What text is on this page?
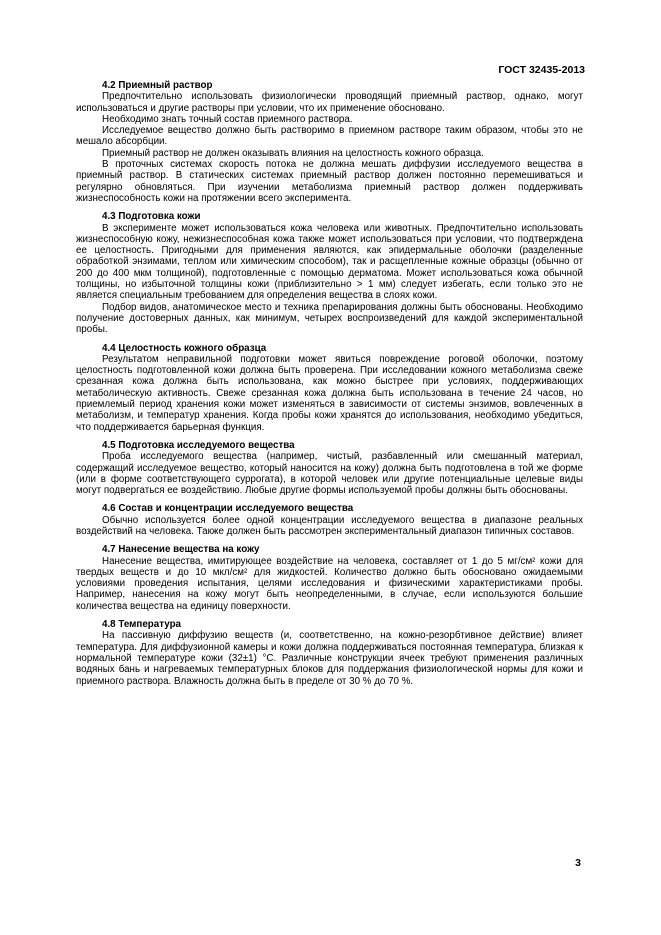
ГОСТ 32435-2013

4.2 Приемный раствор

Предпочтительно использовать физиологически проводящий приемный раствор, однако, могут использоваться и другие растворы при условии, что их применение обосновано.

Необходимо знать точный состав приемного раствора.

Исследуемое вещество должно быть растворимо в приемном растворе таким образом, чтобы это не мешало абсорбции.

Приемный раствор не должен оказывать влияния на целостность кожного образца.

В проточных системах скорость потока не должна мешать диффузии исследуемого вещества в приемный раствор. В статических системах приемный раствор должен постоянно перемешиваться и регулярно обновляться. При изучении метаболизма приемный раствор должен поддерживать жизнеспособность кожи на протяжении всего эксперимента.

4.3 Подготовка кожи

В эксперименте может использоваться кожа человека или животных. Предпочтительно использовать жизнеспособную кожу, нежизнеспособная кожа также может использоваться при условии, что подтверждена ее целостность. Пригодными для применения являются, как эпидермальные оболочки (разделенные обработкой энзимами, теплом или химическим способом), так и расщепленные кожные образцы (обычно от 200 до 400 мкм толщиной), подготовленные с помощью дерматома. Может использоваться кожа обычной толщины, но избыточной толщины кожи (приблизительно > 1 мм) следует избегать, если только это не является специальным требованием для определения вещества в слоях кожи.

Подбор видов, анатомическое место и техника препарирования должны быть обоснованы. Необходимо получение достоверных данных, как минимум, четырех воспроизведений для каждой экспериментальной пробы.

4.4 Целостность кожного образца

Результатом неправильной подготовки может явиться повреждение роговой оболочки, поэтому целостность подготовленной кожи должна быть проверена. При исследовании кожного метаболизма свеже срезанная кожа должна быть использована, как можно быстрее при условиях, поддерживающих метаболическую активность. Свеже срезанная кожа должна быть использована в течение 24 часов, но приемлемый период хранения кожи может изменяться в зависимости от системы энзимов, вовлеченных в метаболизм, и температур хранения. Когда пробы кожи хранятся до использования, необходимо убедиться, что поддерживается барьерная функция.

4.5 Подготовка исследуемого вещества

Проба исследуемого вещества (например, чистый, разбавленный или смешанный материал, содержащий исследуемое вещество, который наносится на кожу) должна быть подготовлена в той же форме (или в форме соответствующего суррогата), в которой человек или другие потенциальные целевые виды могут подвергаться ее воздействию. Любые другие формы используемой пробы должны быть обоснованы.

4.6 Состав и концентрации исследуемого вещества

Обычно используется более одной концентрации исследуемого вещества в диапазоне реальных воздействий на человека. Также должен быть рассмотрен экспериментальный диапазон типичных составов.

4.7 Нанесение вещества на кожу

Нанесение вещества, имитирующее воздействие на человека, составляет от 1 до 5 мг/см² кожи для твердых веществ и до 10 мкл/см² для жидкостей. Количество должно быть обосновано ожидаемыми условиями проведения испытания, целями исследования и физическими характеристиками пробы. Например, нанесения на кожу могут быть неопределенными, в случае, если используются большие количества вещества на единицу поверхности.

4.8 Температура

На пассивную диффузию веществ (и, соответственно, на кожно-резорбтивное действие) влияет температура. Для диффузионной камеры и кожи должна поддерживаться постоянная температура, близкая к нормальной температуре кожи (32±1) °С. Различные конструкции ячеек требуют применения различных водяных бань и нагреваемых температурных блоков для поддержания физиологической нормы для кожи и приемного раствора. Влажность должна быть в пределе от 30 % до 70 %.

3
